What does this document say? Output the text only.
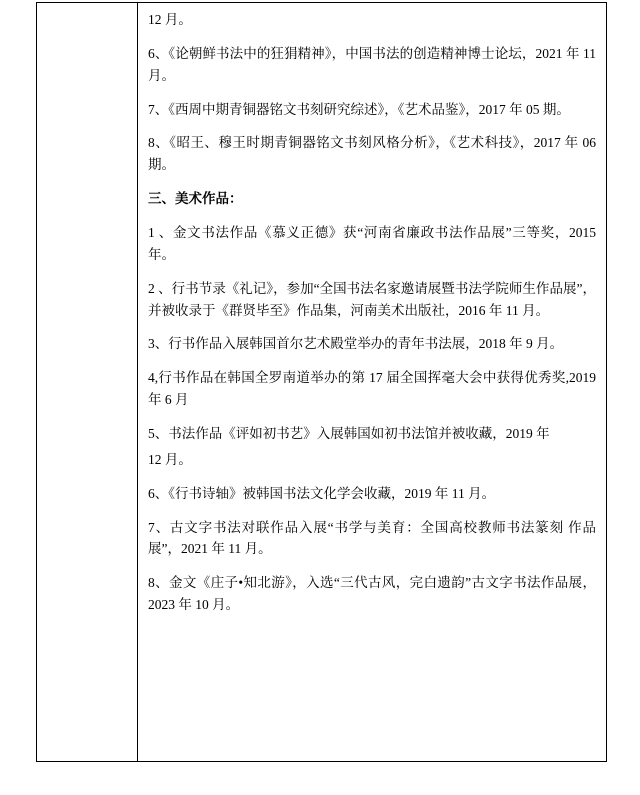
12 月。

6、《论朝鲜书法中的狂狷精神》，中国书法的创造精神博士论坛，2021 年 11 月。

7、《西周中期青铜器铭文书刻研究综述》，《艺术品鉴》，2017 年 05 期。

8、《昭王、穆王时期青铜器铭文书刻风格分析》，《艺术科技》，2017 年 06 期。

三、美术作品：

1 、金文书法作品《慕义正德》获“河南省廉政书法作品展”三等奖，2015 年。

2 、行书节录《礼记》，参加“全国书法名家邀请展暨书法学院师生作品展”，并被收录于《群贤毕至》作品集，河南美术出版社，2016 年 11 月。

3、行书作品入展韩国首尔艺术殿堂举办的青年书法展，2018 年 9 月。

4,行书作品在韩国全罗南道举办的第 17 届全国挥毫大会中获得优秀奖,2019 年 6 月

5、书法作品《评如初书艺》入展韩国如初书法馆并被收藏，2019 年

12 月。

6、《行书诗轴》被韩国书法文化学会收藏，2019 年 11 月。

7、古文字书法对联作品入展“书学与美育：全国高校教师书法篆刻 作品展”，2021 年 11 月。

8、金文《庄子•知北游》，入选“三代古风，完白遗韵”古文字书法作品展，2023 年 10 月。
